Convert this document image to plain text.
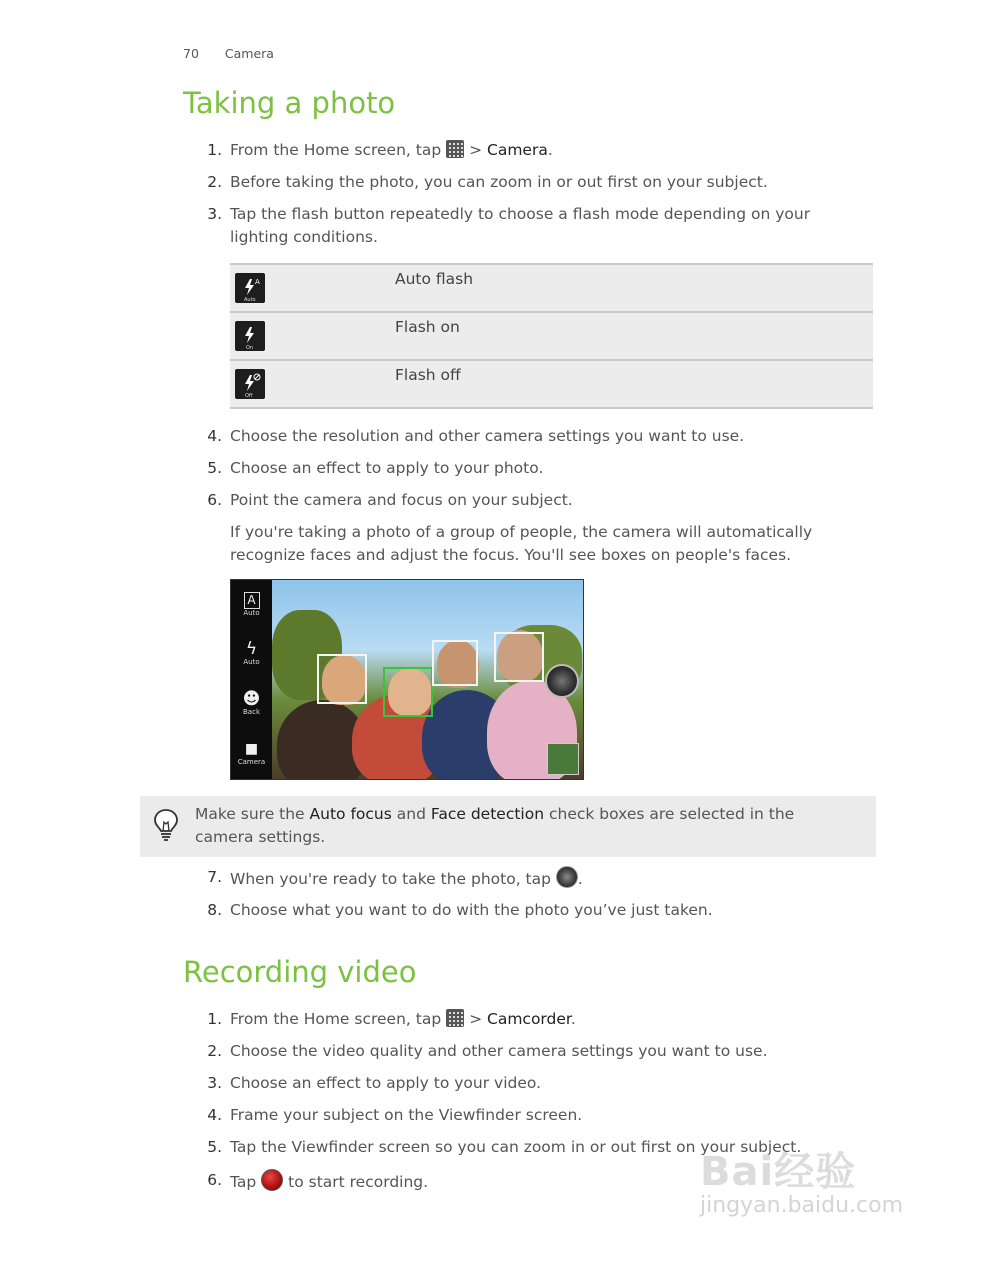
70 Camera
Taking a photo
1. From the Home screen, tap > Camera.
2. Before taking the photo, you can zoom in or out first on your subject.
3. Tap the flash button repeatedly to choose a flash mode depending on your lighting conditions.
A
Auto
Auto flash
On
Flash on
Off
Flash off
4. Choose the resolution and other camera settings you want to use.
5. Choose an effect to apply to your photo.
6. Point the camera and focus on your subject.
If you're taking a photo of a group of people, the camera will automatically recognize faces and adjust the focus. You'll see boxes on people's faces.
A
Auto
ϟ
Auto
☻
Back
■
Camera
Make sure the Auto focus and Face detection check boxes are selected in the camera settings.
7. When you're ready to take the photo, tap .
8. Choose what you want to do with the photo you’ve just taken.
Recording video
1. From the Home screen, tap > Camcorder.
2. Choose the video quality and other camera settings you want to use.
3. Choose an effect to apply to your video.
4. Frame your subject on the Viewfinder screen.
5. Tap the Viewfinder screen so you can zoom in or out first on your subject.
6. Tap to start recording.	Bai经验
jingyan.baidu.com
